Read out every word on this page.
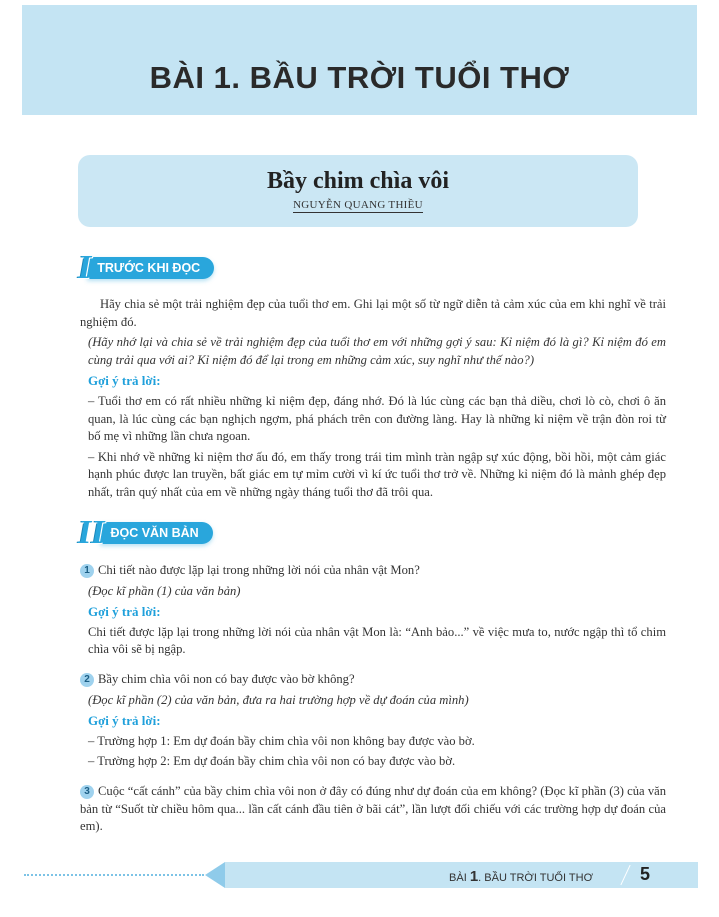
BÀI 1. BẦU TRỜI TUỔI THƠ
Bầy chim chìa vôi
NGUYỄN QUANG THIỀU
I TRƯỚC KHI ĐỌC

Hãy chia sẻ một trải nghiệm đẹp của tuổi thơ em. Ghi lại một số từ ngữ diễn tả cảm xúc của em khi nghĩ về trải nghiệm đó.

(Hãy nhớ lại và chia sẻ về trải nghiệm đẹp của tuổi thơ em với những gợi ý sau: Kỉ niệm đó là gì? Kỉ niệm đó em cùng trải qua với ai? Kỉ niệm đó để lại trong em những cảm xúc, suy nghĩ như thế nào?)

Gợi ý trả lời:

– Tuổi thơ em có rất nhiều những kỉ niệm đẹp, đáng nhớ. Đó là lúc cùng các bạn thả diều, chơi lò cò, chơi ô ăn quan, là lúc cùng các bạn nghịch ngợm, phá phách trên con đường làng. Hay là những kỉ niệm về trận đòn roi từ bố mẹ vì những lần chưa ngoan.

– Khi nhớ về những kỉ niệm thơ ấu đó, em thấy trong trái tim mình tràn ngập sự xúc động, bồi hồi, một cảm giác hạnh phúc được lan truyền, bất giác em tự mỉm cười vì kí ức tuổi thơ trở về. Những kỉ niệm đó là mảnh ghép đẹp nhất, trân quý nhất của em về những ngày tháng tuổi thơ đã trôi qua.

II ĐỌC VĂN BẢN

1 Chi tiết nào được lặp lại trong những lời nói của nhân vật Mon?

(Đọc kĩ phần (1) của văn bản)

Gợi ý trả lời:

Chi tiết được lặp lại trong những lời nói của nhân vật Mon là: “Anh bảo...” về việc mưa to, nước ngập thì tổ chim chìa vôi sẽ bị ngập.

2 Bầy chim chìa vôi non có bay được vào bờ không?

(Đọc kĩ phần (2) của văn bản, đưa ra hai trường hợp về dự đoán của mình)

Gợi ý trả lời:

– Trường hợp 1: Em dự đoán bầy chim chìa vôi non không bay được vào bờ.

– Trường hợp 2: Em dự đoán bầy chim chìa vôi non có bay được vào bờ.

3 Cuộc “cất cánh” của bầy chim chìa vôi non ở đây có đúng như dự đoán của em không? (Đọc kĩ phần (3) của văn bản từ “Suốt từ chiều hôm qua... lần cất cánh đầu tiên ở bãi cát”, lần lượt đối chiếu với các trường hợp dự đoán của em).

BÀI 1. BẦU TRỜI TUỔI THƠ	5
